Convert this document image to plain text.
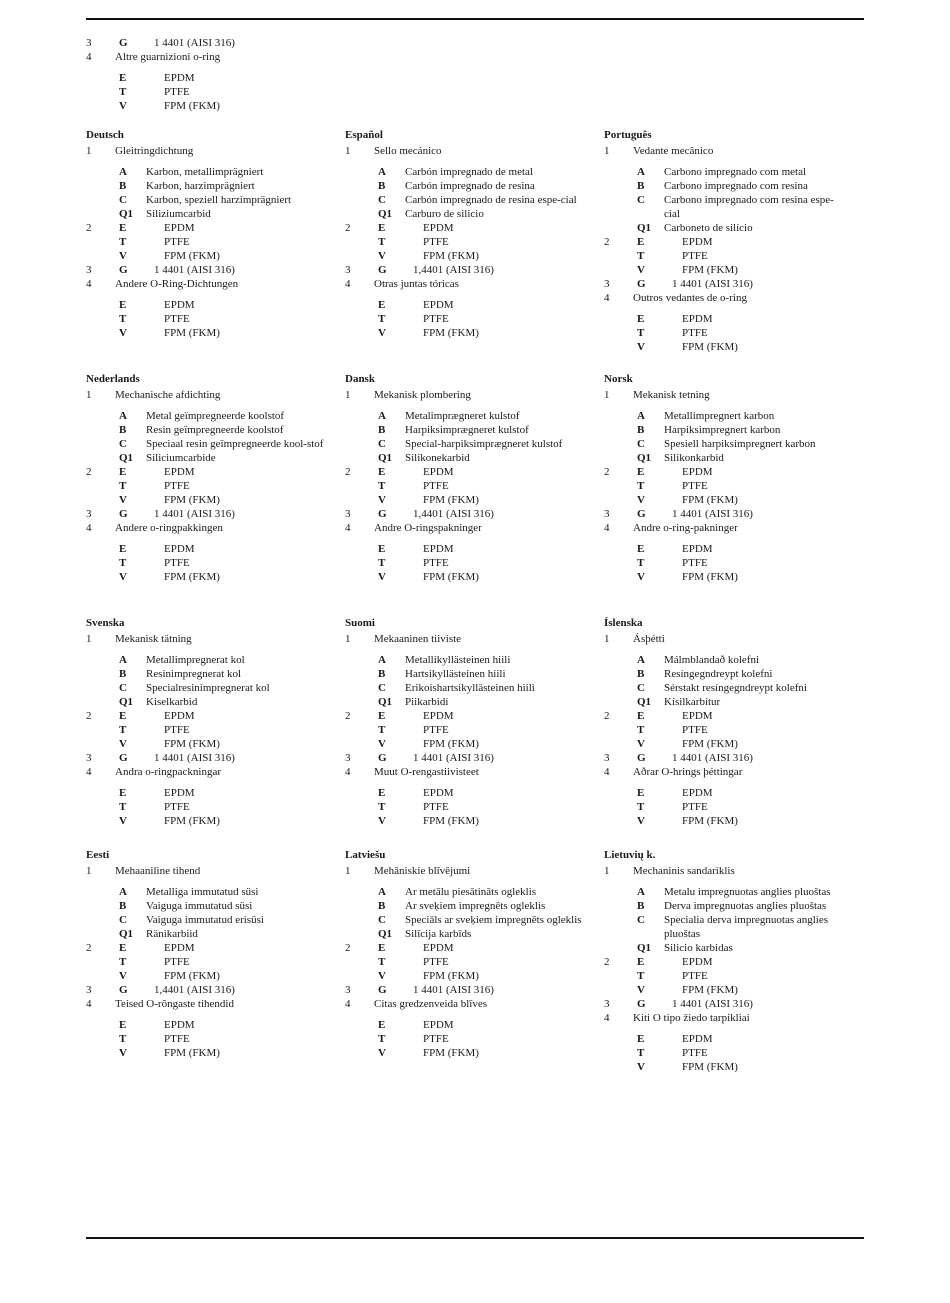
3	G	1 4401 (AISI 316)
4	Altre guarnizioni o-ring
E	EPDM
T	PTFE
V	FPM (FKM)
Deutsch
1	Gleitringdichtung
A	Karbon, metallimprägniert
B	Karbon, harzimprägniert
C	Karbon, speziell harzimprägniert
Q1	Siliziumcarbid
2	E	EPDM
T	PTFE
V	FPM (FKM)
3	G	1 4401 (AISI 316)
4	Andere O-Ring-Dichtungen
E	EPDM
T	PTFE
V	FPM (FKM)
Español
1	Sello mecánico
A	Carbón impregnado de metal
B	Carbón impregnado de resina
C	Carbón impregnado de resina espe-cial
Q1	Carburo de silicio
2	E	EPDM
T	PTFE
V	FPM (FKM)
3	G	1,4401 (AISI 316)
4	Otras juntas tóricas
E	EPDM
T	PTFE
V	FPM (FKM)
Português
1	Vedante mecânico
A	Carbono impregnado com metal
B	Carbono impregnado com resina
C	Carbono impregnado com resina espe-cial
Q1	Carboneto de silício
2	E	EPDM
T	PTFE
V	FPM (FKM)
3	G	1 4401 (AISI 316)
4	Outros vedantes de o-ring
E	EPDM
T	PTFE
V	FPM (FKM)
Nederlands
1	Mechanische afdichting
A	Metal geïmpregneerde koolstof
B	Resin geïmpregneerde koolstof
C	Speciaal resin geïmpregneerde kool-stof
Q1	Siliciumcarbide
2	E	EPDM
T	PTFE
V	FPM (FKM)
3	G	1 4401 (AISI 316)
4	Andere o-ringpakkingen
E	EPDM
T	PTFE
V	FPM (FKM)
Dansk
1	Mekanisk plombering
A	Metalimprægneret kulstof
B	Harpiksimprægneret kulstof
C	Special-harpiksimprægneret kulstof
Q1	Silikonekarbid
2	E	EPDM
T	PTFE
V	FPM (FKM)
3	G	1,4401 (AISI 316)
4	Andre O-ringspakninger
E	EPDM
T	PTFE
V	FPM (FKM)
Norsk
1	Mekanisk tetning
A	Metallimpregnert karbon
B	Harpiksimpregnert karbon
C	Spesiell harpiksimpregnert karbon
Q1	Silikonkarbid
2	E	EPDM
T	PTFE
V	FPM (FKM)
3	G	1 4401 (AISI 316)
4	Andre o-ring-pakninger
E	EPDM
T	PTFE
V	FPM (FKM)
Svenska
1	Mekanisk tätning
A	Metallimpregnerat kol
B	Resinimpregnerat kol
C	Specialresinimpregnerat kol
Q1	Kiselkarbid
2	E	EPDM
T	PTFE
V	FPM (FKM)
3	G	1 4401 (AISI 316)
4	Andra o-ringpackningar
E	EPDM
T	PTFE
V	FPM (FKM)
Suomi
1	Mekaaninen tiiviste
A	Metallikyllästeinen hiili
B	Hartsikyllästeinen hiili
C	Erikoishartsikyllästeinen hiili
Q1	Piikarbidi
2	E	EPDM
T	PTFE
V	FPM (FKM)
3	G	1 4401 (AISI 316)
4	Muut O-rengastiivisteet
E	EPDM
T	PTFE
V	FPM (FKM)
Íslenska
1	Ásþétti
A	Málmblandað kolefni
B	Resíngegndreypt kolefni
C	Sérstakt resíngegndreypt kolefni
Q1	Kísilkarbítur
2	E	EPDM
T	PTFE
V	FPM (FKM)
3	G	1 4401 (AISI 316)
4	Aðrar O-hrings þéttingar
E	EPDM
T	PTFE
V	FPM (FKM)
Eesti
1	Mehaaniline tihend
A	Metalliga immutatud süsi
B	Vaiguga immutatud süsi
C	Vaiguga immutatud erisüsi
Q1	Ränikarbiid
2	E	EPDM
T	PTFE
V	FPM (FKM)
3	G	1,4401 (AISI 316)
4	Teised O-rõngaste tihendid
E	EPDM
T	PTFE
V	FPM (FKM)
Latviešu
1	Mehāniskie blīvējumi
A	Ar metālu piesātināts ogleklis
B	Ar sveķiem impregnēts ogleklis
C	Speciāls ar sveķiem impregnēts ogleklis
Q1	Silīcija karbīds
2	E	EPDM
T	PTFE
V	FPM (FKM)
3	G	1 4401 (AISI 316)
4	Citas gredzenveida blīves
E	EPDM
T	PTFE
V	FPM (FKM)
Lietuvių k.
1	Mechaninis sandariklis
A	Metalu impregnuotas anglies pluoštas
B	Derva impregnuotas anglies pluoštas
C	Specialia derva impregnuotas anglies pluoštas
Q1	Silicio karbidas
2	E	EPDM
T	PTFE
V	FPM (FKM)
3	G	1 4401 (AISI 316)
4	Kiti O tipo žiedo tarpikliai
E	EPDM
T	PTFE
V	FPM (FKM)
